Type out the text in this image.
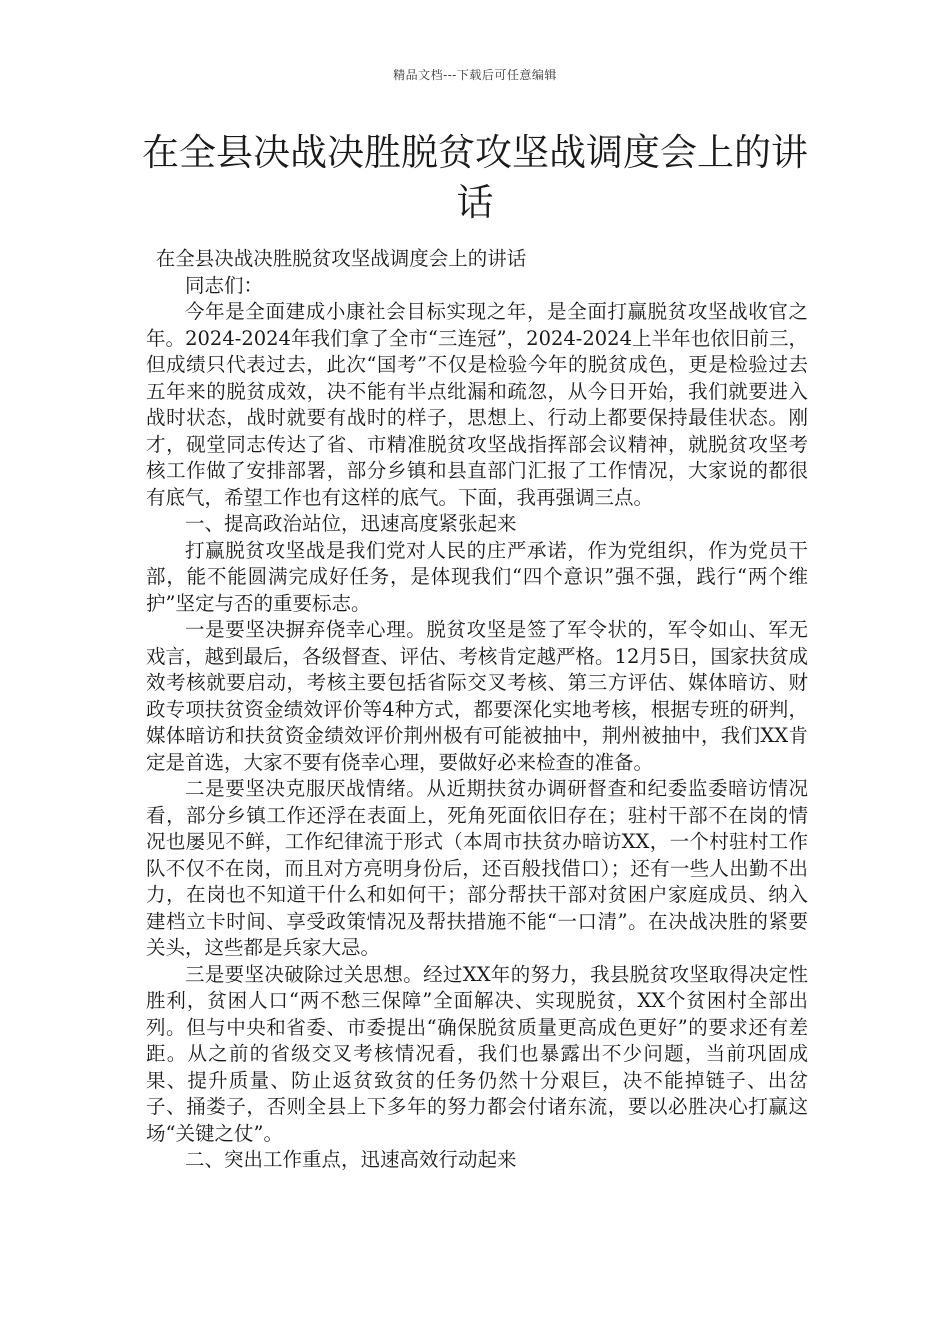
精品文档---下载后可任意编辑
在全县决战决胜脱贫攻坚战调度会上的讲话

在全县决战决胜脱贫攻坚战调度会上的讲话

同志们：

今年是全面建成小康社会目标实现之年，是全面打赢脱贫攻坚战收官之年。2024-2024年我们拿了全市“三连冠”，2024-2024上半年也依旧前三，但成绩只代表过去，此次“国考”不仅是检验今年的脱贫成色，更是检验过去五年来的脱贫成效，决不能有半点纰漏和疏忽，从今日开始，我们就要进入战时状态，战时就要有战时的样子，思想上、行动上都要保持最佳状态。刚才，砚堂同志传达了省、市精准脱贫攻坚战指挥部会议精神，就脱贫攻坚考核工作做了安排部署，部分乡镇和县直部门汇报了工作情况，大家说的都很有底气，希望工作也有这样的底气。下面，我再强调三点。

一、提高政治站位，迅速高度紧张起来

打赢脱贫攻坚战是我们党对人民的庄严承诺，作为党组织，作为党员干部，能不能圆满完成好任务，是体现我们“四个意识”强不强，践行“两个维护”坚定与否的重要标志。

一是要坚决摒弃侥幸心理。脱贫攻坚是签了军令状的，军令如山、军无戏言，越到最后，各级督查、评估、考核肯定越严格。12月5日，国家扶贫成效考核就要启动，考核主要包括省际交叉考核、第三方评估、媒体暗访、财政专项扶贫资金绩效评价等4种方式，都要深化实地考核，根据专班的研判，媒体暗访和扶贫资金绩效评价荆州极有可能被抽中，荆州被抽中，我们XX肯定是首选，大家不要有侥幸心理，要做好必来检查的准备。

二是要坚决克服厌战情绪。从近期扶贫办调研督查和纪委监委暗访情况看，部分乡镇工作还浮在表面上，死角死面依旧存在；驻村干部不在岗的情况也屡见不鲜，工作纪律流于形式（本周市扶贫办暗访XX，一个村驻村工作队不仅不在岗，而且对方亮明身份后，还百般找借口）；还有一些人出勤不出力，在岗也不知道干什么和如何干；部分帮扶干部对贫困户家庭成员、纳入建档立卡时间、享受政策情况及帮扶措施不能“一口清”。在决战决胜的紧要关头，这些都是兵家大忌。

三是要坚决破除过关思想。经过XX年的努力，我县脱贫攻坚取得决定性胜利，贫困人口“两不愁三保障”全面解决、实现脱贫，XX个贫困村全部出列。但与中央和省委、市委提出“确保脱贫质量更高成色更好”的要求还有差距。从之前的省级交叉考核情况看，我们也暴露出不少问题，当前巩固成果、提升质量、防止返贫致贫的任务仍然十分艰巨，决不能掉链子、出岔子、捅娄子，否则全县上下多年的努力都会付诸东流，要以必胜决心打赢这场“关键之仗”。

二、突出工作重点，迅速高效行动起来
